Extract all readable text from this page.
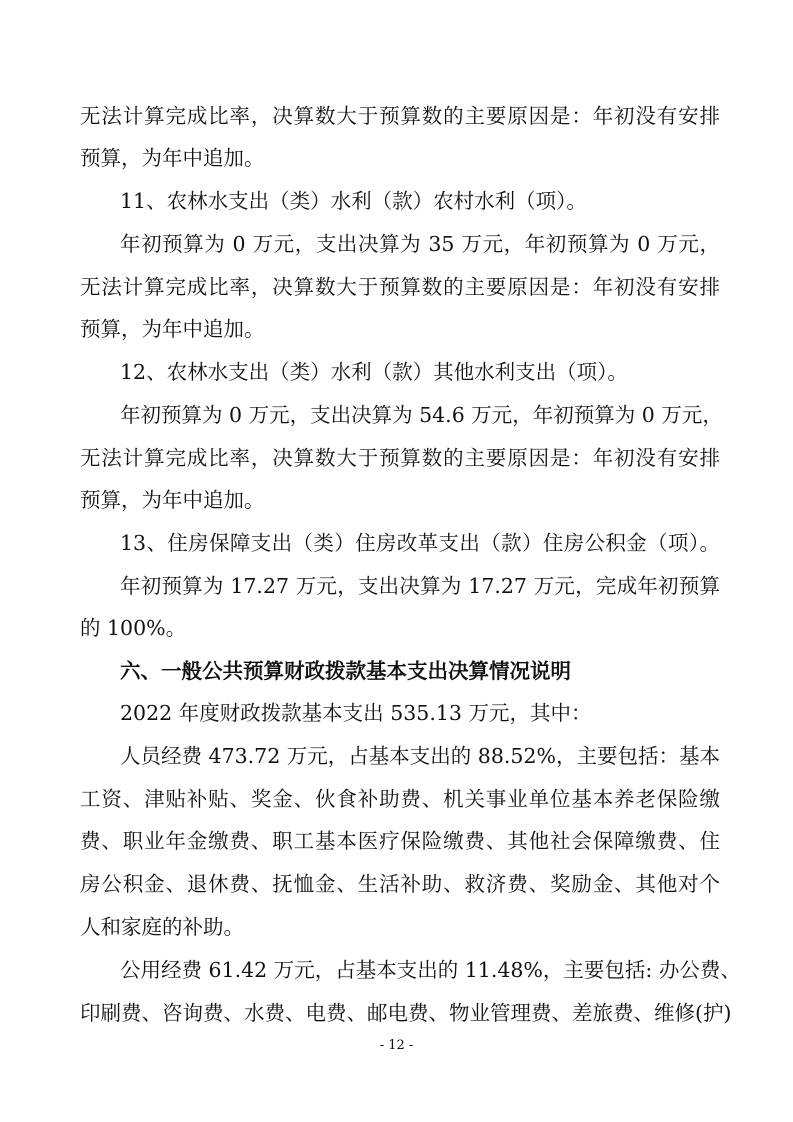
无法计算完成比率，决算数大于预算数的主要原因是：年初没有安排
预算，为年中追加。
11、农林水支出（类）水利（款）农村水利（项）。
年初预算为 0 万元，支出决算为 35 万元，年初预算为 0 万元，
无法计算完成比率，决算数大于预算数的主要原因是：年初没有安排
预算，为年中追加。
12、农林水支出（类）水利（款）其他水利支出（项）。
年初预算为 0 万元，支出决算为 54.6 万元，年初预算为 0 万元，
无法计算完成比率，决算数大于预算数的主要原因是：年初没有安排
预算，为年中追加。
13、住房保障支出（类）住房改革支出（款）住房公积金（项）。
年初预算为 17.27 万元，支出决算为 17.27 万元，完成年初预算
的 100%。
六、一般公共预算财政拨款基本支出决算情况说明
2022 年度财政拨款基本支出 535.13 万元，其中：
人员经费 473.72 万元，占基本支出的 88.52%，主要包括：基本
工资、津贴补贴、奖金、伙食补助费、机关事业单位基本养老保险缴
费、职业年金缴费、职工基本医疗保险缴费、其他社会保障缴费、住
房公积金、退休费、抚恤金、生活补助、救济费、奖励金、其他对个
人和家庭的补助。
公用经费 61.42 万元，占基本支出的 11.48%，主要包括: 办公费、
印刷费、咨询费、水费、电费、邮电费、物业管理费、差旅费、维修(护)
- 12 -
